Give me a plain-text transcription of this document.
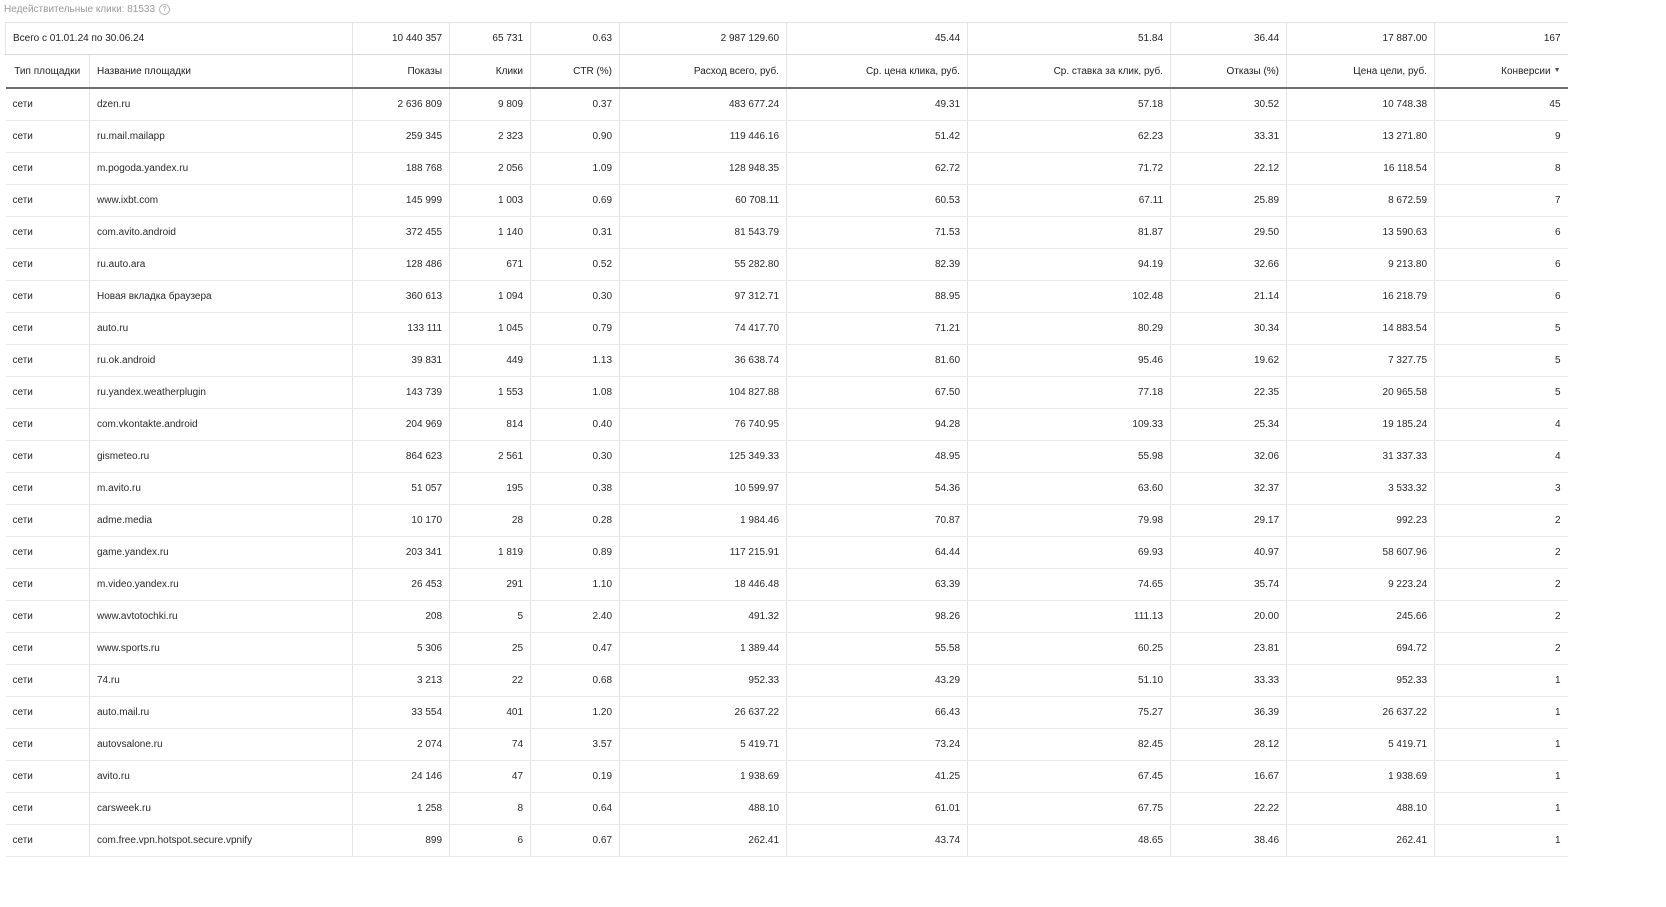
Недействительные клики: 81533	?
Всего с 01.01.24 по 30.06.24		10 440 357	65 731	0.63	2 987 129.60	45.44	51.84	36.44	17 887.00	167
Тип площадки	Название площадки	Показы	Клики	CTR (%)	Расход всего, руб.	Ср. цена клика, руб.	Ср. ставка за клик, руб.	Отказы (%)	Цена цели, руб.	Конверсии ▼
сети	dzen.ru	2 636 809	9 809	0.37	483 677.24	49.31	57.18	30.52	10 748.38	45
сети	ru.mail.mailapp	259 345	2 323	0.90	119 446.16	51.42	62.23	33.31	13 271.80	9
сети	m.pogoda.yandex.ru	188 768	2 056	1.09	128 948.35	62.72	71.72	22.12	16 118.54	8
сети	www.ixbt.com	145 999	1 003	0.69	60 708.11	60.53	67.11	25.89	8 672.59	7
сети	com.avito.android	372 455	1 140	0.31	81 543.79	71.53	81.87	29.50	13 590.63	6
сети	ru.auto.ara	128 486	671	0.52	55 282.80	82.39	94.19	32.66	9 213.80	6
сети	Новая вкладка браузера	360 613	1 094	0.30	97 312.71	88.95	102.48	21.14	16 218.79	6
сети	auto.ru	133 111	1 045	0.79	74 417.70	71.21	80.29	30.34	14 883.54	5
сети	ru.ok.android	39 831	449	1.13	36 638.74	81.60	95.46	19.62	7 327.75	5
сети	ru.yandex.weatherplugin	143 739	1 553	1.08	104 827.88	67.50	77.18	22.35	20 965.58	5
сети	com.vkontakte.android	204 969	814	0.40	76 740.95	94.28	109.33	25.34	19 185.24	4
сети	gismeteo.ru	864 623	2 561	0.30	125 349.33	48.95	55.98	32.06	31 337.33	4
сети	m.avito.ru	51 057	195	0.38	10 599.97	54.36	63.60	32.37	3 533.32	3
сети	adme.media	10 170	28	0.28	1 984.46	70.87	79.98	29.17	992.23	2
сети	game.yandex.ru	203 341	1 819	0.89	117 215.91	64.44	69.93	40.97	58 607.96	2
сети	m.video.yandex.ru	26 453	291	1.10	18 446.48	63.39	74.65	35.74	9 223.24	2
сети	www.avtotochki.ru	208	5	2.40	491.32	98.26	111.13	20.00	245.66	2
сети	www.sports.ru	5 306	25	0.47	1 389.44	55.58	60.25	23.81	694.72	2
сети	74.ru	3 213	22	0.68	952.33	43.29	51.10	33.33	952.33	1
сети	auto.mail.ru	33 554	401	1.20	26 637.22	66.43	75.27	36.39	26 637.22	1
сети	autovsalone.ru	2 074	74	3.57	5 419.71	73.24	82.45	28.12	5 419.71	1
сети	avito.ru	24 146	47	0.19	1 938.69	41.25	67.45	16.67	1 938.69	1
сети	carsweek.ru	1 258	8	0.64	488.10	61.01	67.75	22.22	488.10	1
сети	com.free.vpn.hotspot.secure.vpnify	899	6	0.67	262.41	43.74	48.65	38.46	262.41	1
